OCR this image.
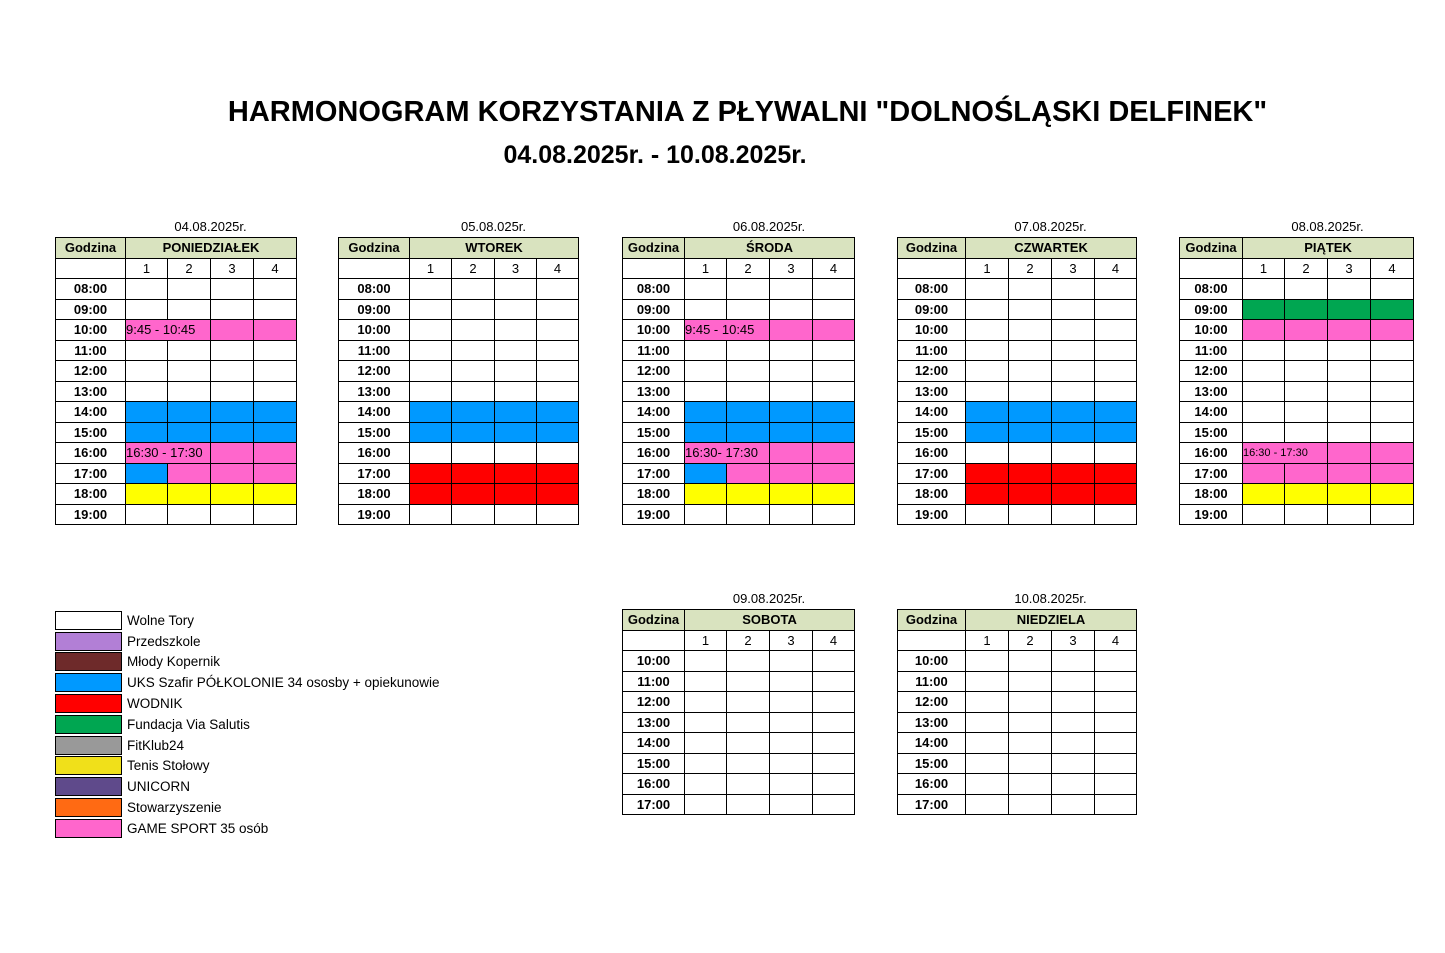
HARMONOGRAM KORZYSTANIA Z PŁYWALNI "DOLNOŚLĄSKI DELFINEK"
04.08.2025r. - 10.08.2025r.
04.08.2025r.
Godzina	PONIEDZIAŁEK			
	1	2	3	4
08:00				
09:00				
10:00	9:45 - 10:45			
11:00				
12:00				
13:00				
14:00				
15:00				
16:00	16:30 - 17:30			
17:00				
18:00				
19:00				
05.08.025r.
Godzina	WTOREK			
	1	2	3	4
08:00				
09:00				
10:00				
11:00				
12:00				
13:00				
14:00				
15:00				
16:00				
17:00				
18:00				
19:00				
06.08.2025r.
Godzina	ŚRODA			
	1	2	3	4
08:00				
09:00				
10:00	9:45 - 10:45			
11:00				
12:00				
13:00				
14:00				
15:00				
16:00	16:30- 17:30			
17:00				
18:00				
19:00				
07.08.2025r.
Godzina	CZWARTEK			
	1	2	3	4
08:00				
09:00				
10:00				
11:00				
12:00				
13:00				
14:00				
15:00				
16:00				
17:00				
18:00				
19:00				
08.08.2025r.
Godzina	PIĄTEK			
	1	2	3	4
08:00				
09:00				
10:00				
11:00				
12:00				
13:00				
14:00				
15:00				
16:00	16:30 - 17:30			
17:00				
18:00				
19:00				
09.08.2025r.
Godzina	SOBOTA			
	1	2	3	4
10:00				
11:00				
12:00				
13:00				
14:00				
15:00				
16:00				
17:00				
10.08.2025r.
Godzina	NIEDZIELA			
	1	2	3	4
10:00				
11:00				
12:00				
13:00				
14:00				
15:00				
16:00				
17:00				
Wolne Tory
Przedszkole
Młody Kopernik
UKS Szafir PÓŁKOLONIE 34 ososby + opiekunowie
WODNIK
Fundacja Via Salutis
FitKlub24
Tenis Stołowy
UNICORN
Stowarzyszenie
GAME SPORT 35 osób
